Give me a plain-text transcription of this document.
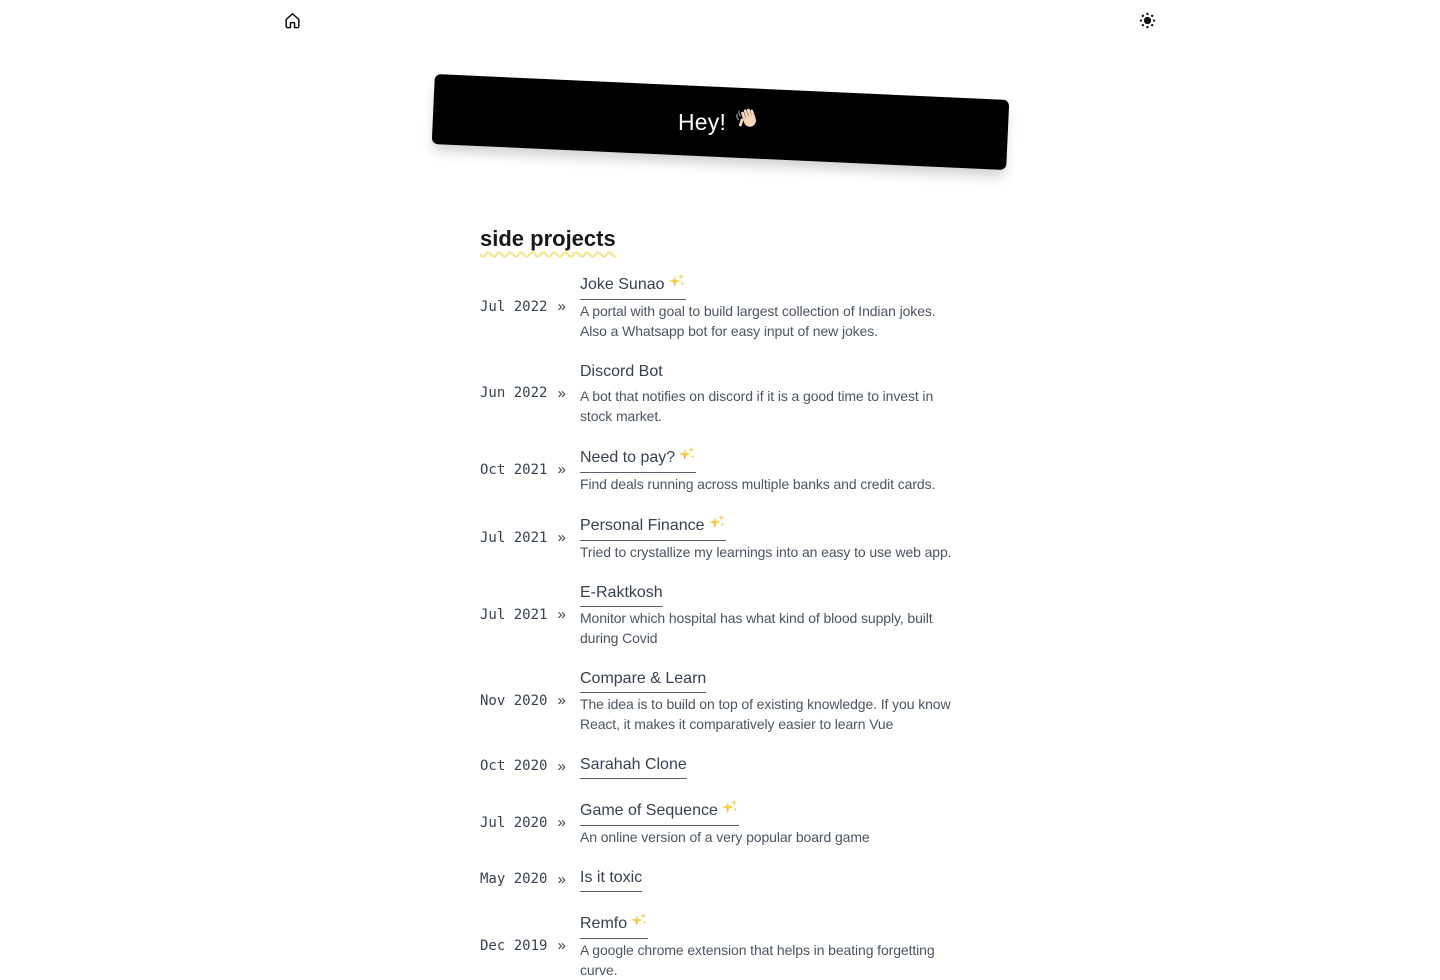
Hey!
side projects
Jul 2022 »
Joke Sunao

A portal with goal to build largest collection of Indian jokes. Also a Whatsapp bot for easy input of new jokes.

Jun 2022 »
Discord Bot

A bot that notifies on discord if it is a good time to invest in stock market.

Oct 2021 »
Need to pay?

Find deals running across multiple banks and credit cards.

Jul 2021 »
Personal Finance

Tried to crystallize my learnings into an easy to use web app.

Jul 2021 »
E-Raktkosh

Monitor which hospital has what kind of blood supply, built during Covid

Nov 2020 »
Compare & Learn

The idea is to build on top of existing knowledge. If you know React, it makes it comparatively easier to learn Vue

Oct 2020 » Sarahah Clone
Jul 2020 »
Game of Sequence

An online version of a very popular board game

May 2020 » Is it toxic
Dec 2019 »
Remfo

A google chrome extension that helps in beating forgetting curve.
